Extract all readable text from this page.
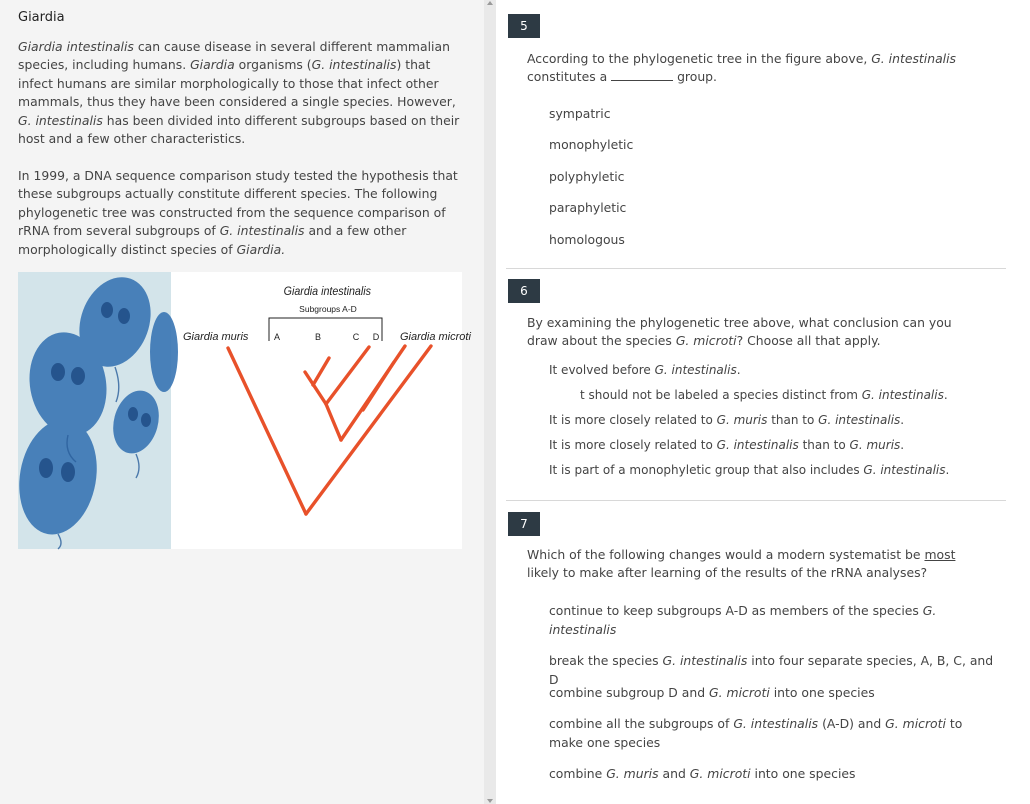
Giardia
Giardia intestinalis can cause disease in several different mammalian species, including humans. Giardia organisms (G. intestinalis) that infect humans are similar morphologically to those that infect other mammals, thus they have been considered a single species. However, G. intestinalis has been divided into different subgroups based on their host and a few other characteristics.
In 1999, a DNA sequence comparison study tested the hypothesis that these subgroups actually constitute different species. The following phylogenetic tree was constructed from the sequence comparison of rRNA from several subgroups of G. intestinalis and a few other morphologically distinct species of Giardia.
Giardia intestinalis
Subgroups A-D
Giardia muris	Giardia microti
A	B	C D
5
According to the phylogenetic tree in the figure above, G. intestinalis constitutes a	group.
sympatric
monophyletic
polyphyletic
paraphyletic
homologous
6
By examining the phylogenetic tree above, what conclusion can you draw about the species G. microti? Choose all that apply.
It evolved before G. intestinalis.
t should not be labeled a species distinct from G. intestinalis.
It is more closely related to G. muris than to G. intestinalis.
It is more closely related to G. intestinalis than to G. muris.
It is part of a monophyletic group that also includes G. intestinalis.
7
Which of the following changes would a modern systematist be most likely to make after learning of the results of the rRNA analyses?
continue to keep subgroups A-D as members of the species G. intestinalis
break the species G. intestinalis into four separate species, A, B, C, and D
combine subgroup D and G. microti into one species
combine all the subgroups of G. intestinalis (A-D) and G. microti to make one species
combine G. muris and G. microti into one species
